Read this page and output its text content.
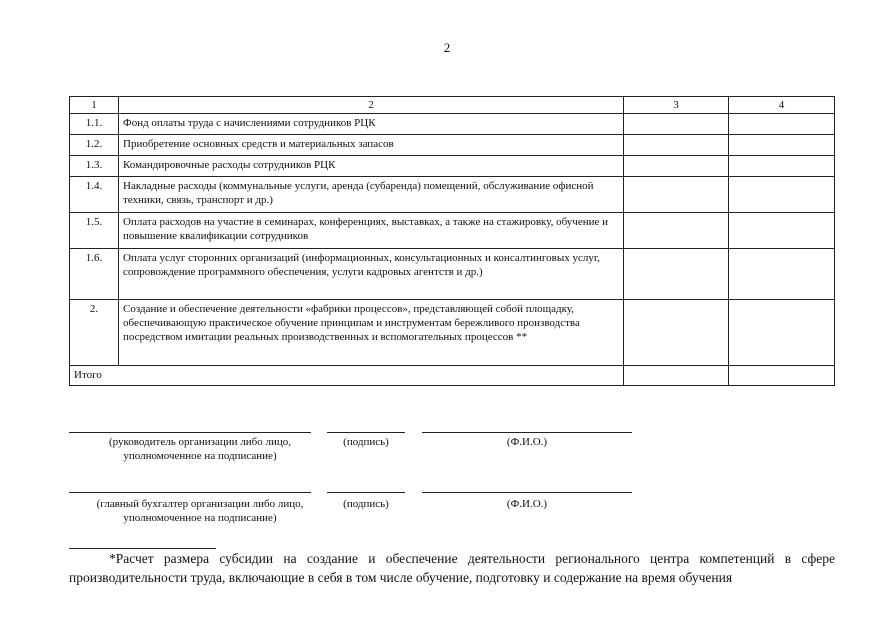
2
1	2	3	4
1.1.	Фонд оплаты труда с начислениями сотрудников РЦК		
1.2.	Приобретение основных средств и материальных запасов		
1.3.	Командировочные расходы сотрудников РЦК		
1.4.	Накладные расходы (коммунальные услуги, аренда (субаренда) помещений, обслуживание офисной техники, связь, транспорт и др.)		
1.5.	Оплата расходов на участие в семинарах, конференциях, выставках, а также на стажировку, обучение и повышение квалификации сотрудников		
1.6.	Оплата услуг сторонних организаций (информационных, консультационных и консалтинговых услуг, сопровождение программного обеспечения, услуги кадровых агентств и др.)		
2.	Создание и обеспечение деятельности «фабрики процессов», представляющей собой площадку, обеспечивающую практическое обучение принципам и инструментам бережливого производства посредством имитации реальных производственных и вспомогательных процессов **		
Итого			
(руководитель организации либо лицо, уполномоченное на подписание)
(подпись)	(Ф.И.О.)
(главный бухгалтер организации либо лицо, уполномоченное на подписание)
(подпись)	(Ф.И.О.)
*Расчет размера субсидии на создание и обеспечение деятельности регионального центра компетенций в сфере производительности труда, включающие в себя в том числе обучение, подготовку и содержание на время обучения
